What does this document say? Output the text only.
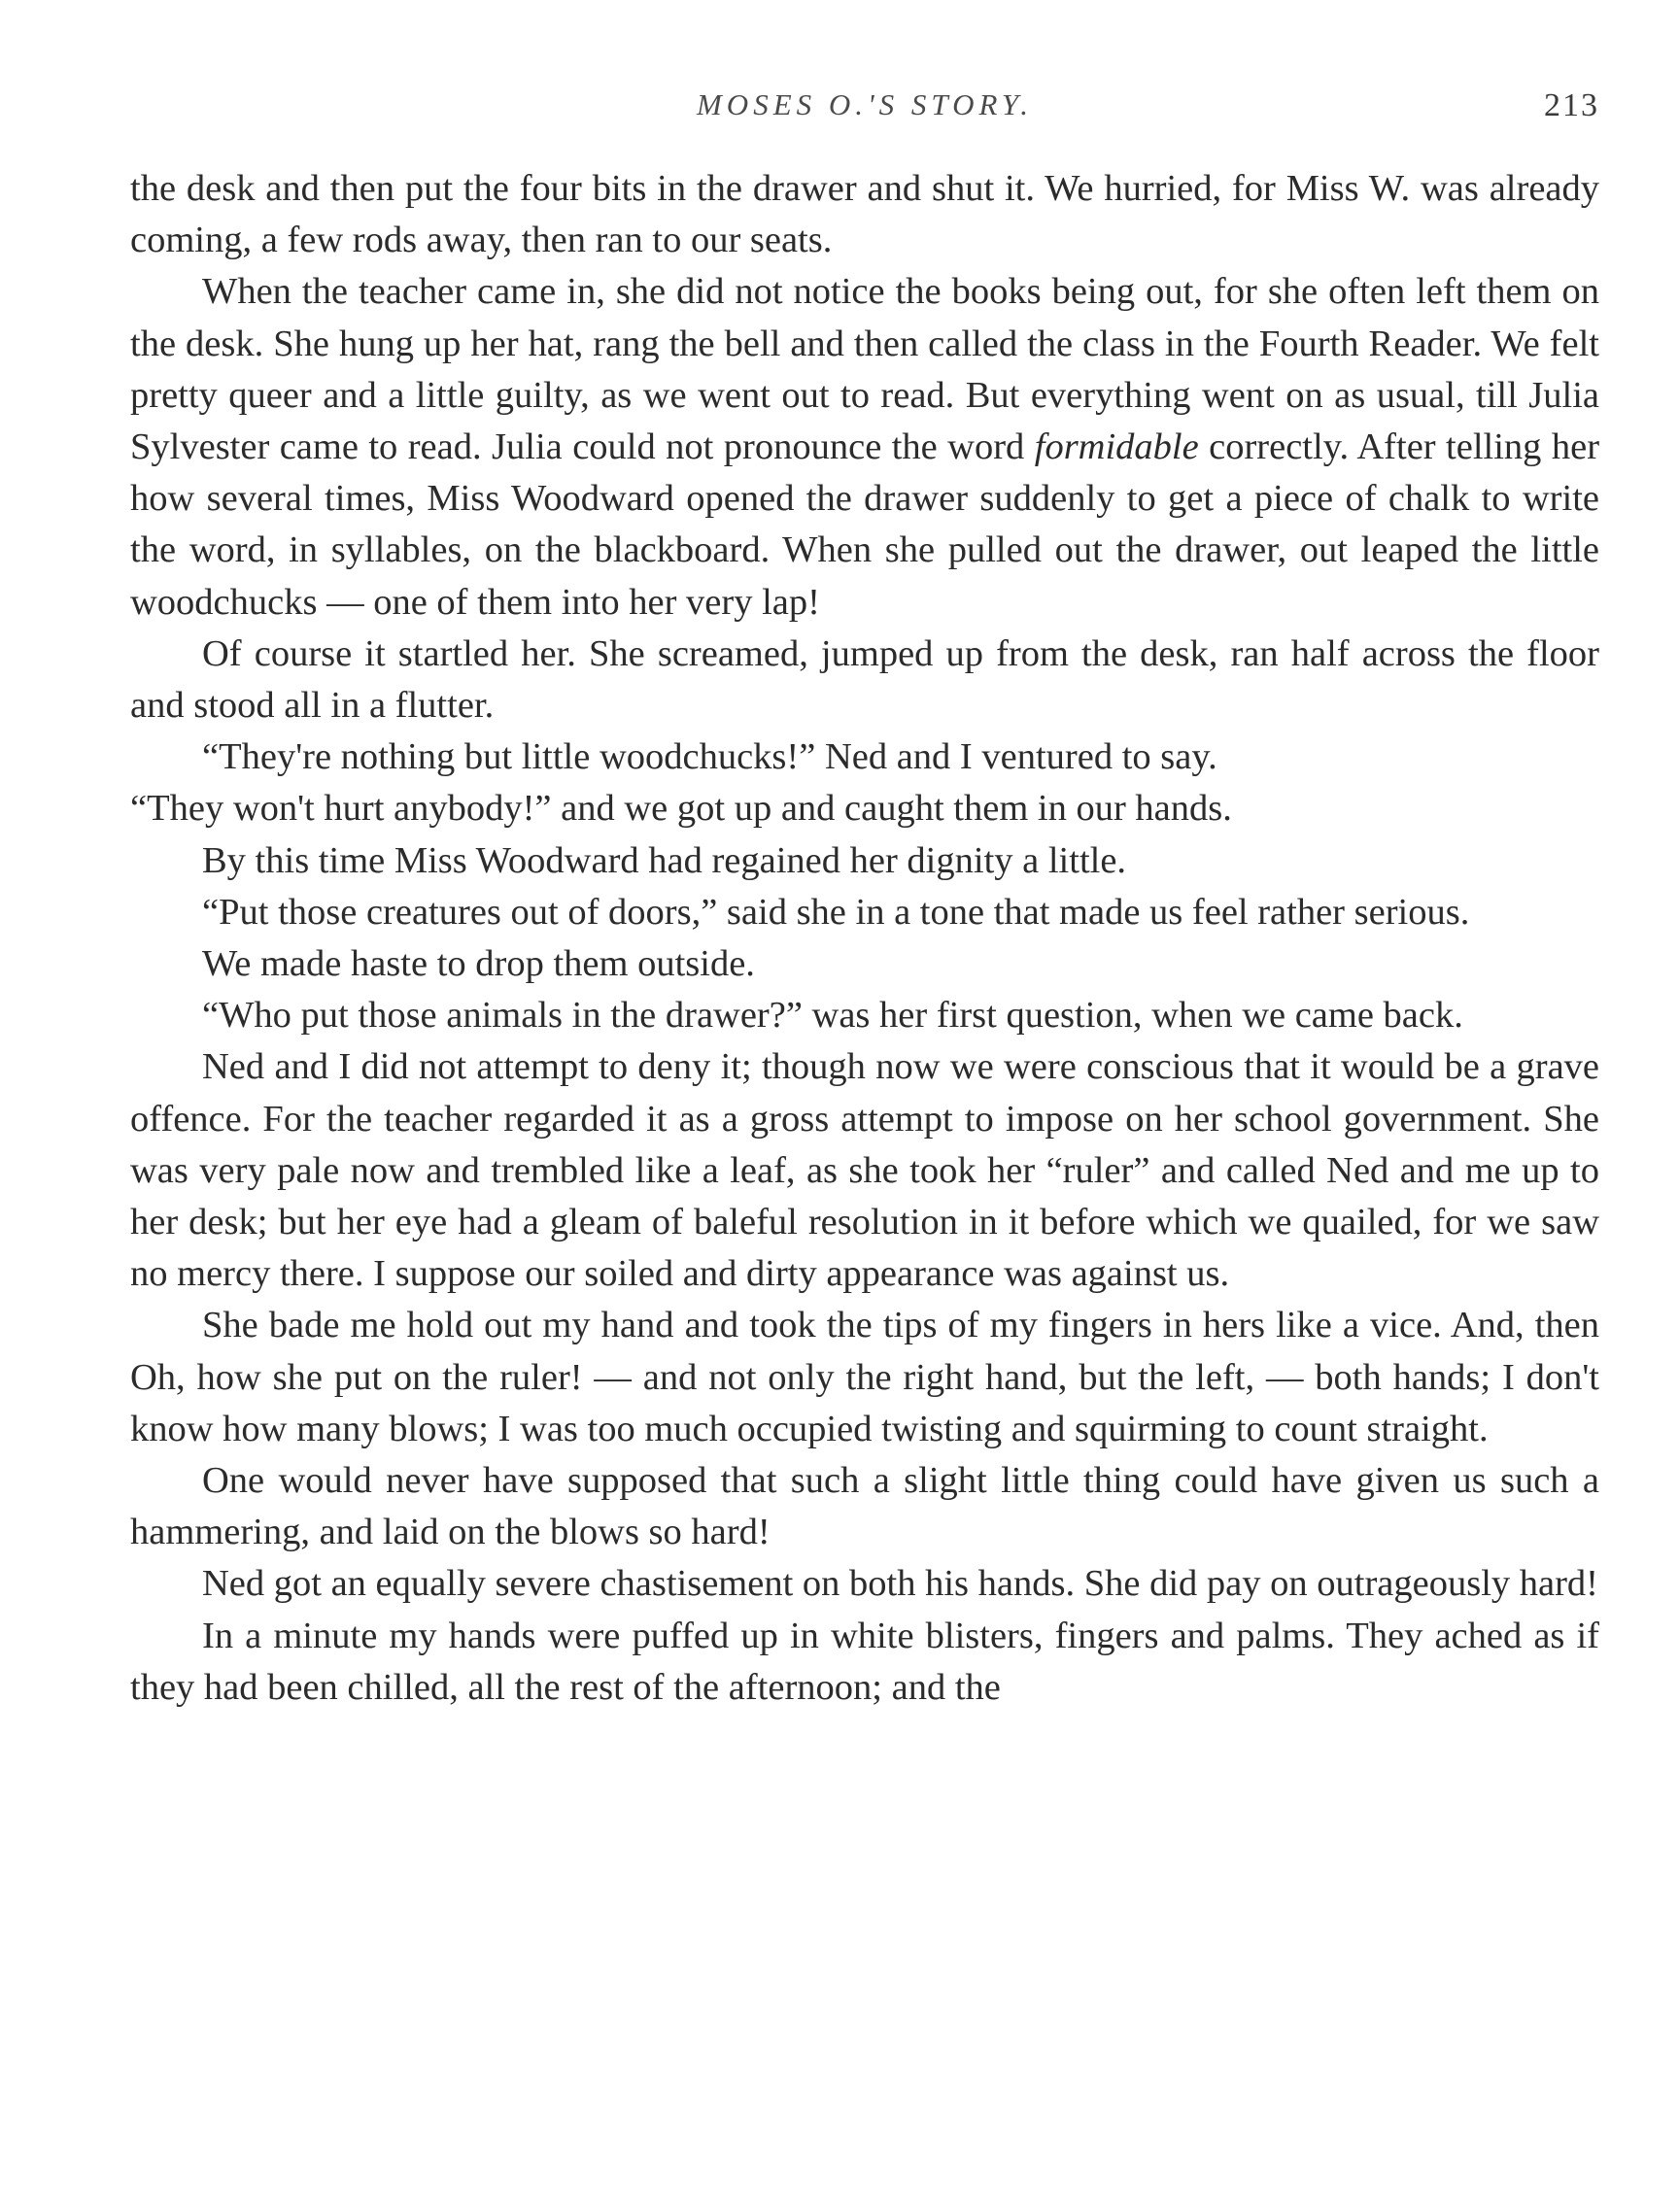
MOSES O.'S STORY.	213

the desk and then put the four bits in the drawer and shut it. We hurried, for Miss W. was already coming, a few rods away, then ran to our seats.

When the teacher came in, she did not notice the books being out, for she often left them on the desk. She hung up her hat, rang the bell and then called the class in the Fourth Reader. We felt pretty queer and a little guilty, as we went out to read. But everything went on as usual, till Julia Sylvester came to read. Julia could not pronounce the word formidable correctly. After telling her how several times, Miss Woodward opened the drawer suddenly to get a piece of chalk to write the word, in syllables, on the blackboard. When she pulled out the drawer, out leaped the little woodchucks — one of them into her very lap!

Of course it startled her. She screamed, jumped up from the desk, ran half across the floor and stood all in a flutter.

“They're nothing but little woodchucks!” Ned and I ventured to say.

“They won't hurt anybody!” and we got up and caught them in our hands.

By this time Miss Woodward had regained her dignity a little.

“Put those creatures out of doors,” said she in a tone that made us feel rather serious.

We made haste to drop them outside.

“Who put those animals in the drawer?” was her first question, when we came back.

Ned and I did not attempt to deny it; though now we were conscious that it would be a grave offence. For the teacher regarded it as a gross attempt to impose on her school government. She was very pale now and trembled like a leaf, as she took her “ruler” and called Ned and me up to her desk; but her eye had a gleam of baleful resolution in it before which we quailed, for we saw no mercy there. I suppose our soiled and dirty appearance was against us.

She bade me hold out my hand and took the tips of my fingers in hers like a vice. And, then Oh, how she put on the ruler! — and not only the right hand, but the left, — both hands; I don't know how many blows; I was too much occupied twisting and squirming to count straight.

One would never have supposed that such a slight little thing could have given us such a hammering, and laid on the blows so hard!

Ned got an equally severe chastisement on both his hands. She did pay on outrageously hard!

In a minute my hands were puffed up in white blisters, fingers and palms. They ached as if they had been chilled, all the rest of the afternoon; and the
